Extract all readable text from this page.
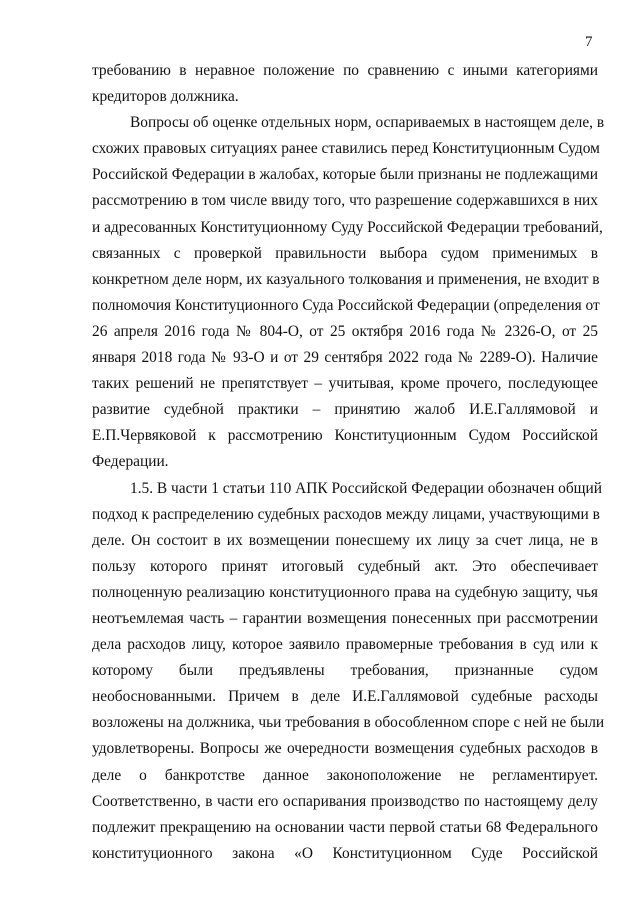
7
требованию в неравное положение по сравнению с иными категориями
кредиторов должника.
Вопросы об оценке отдельных норм, оспариваемых в настоящем деле, в
схожих правовых ситуациях ранее ставились перед Конституционным Судом
Российской Федерации в жалобах, которые были признаны не подлежащими
рассмотрению в том числе ввиду того, что разрешение содержавшихся в них
и адресованных Конституционному Суду Российской Федерации требований,
связанных с проверкой правильности выбора судом применимых в
конкретном деле норм, их казуального толкования и применения, не входит в
полномочия Конституционного Суда Российской Федерации (определения от
26 апреля 2016 года № 804-О, от 25 октября 2016 года № 2326-О, от 25
января 2018 года № 93-О и от 29 сентября 2022 года № 2289-О). Наличие
таких решений не препятствует – учитывая, кроме прочего, последующее
развитие судебной практики – принятию жалоб И.Е.Галлямовой и
Е.П.Червяковой к рассмотрению Конституционным Судом Российской
Федерации.
1.5. В части 1 статьи 110 АПК Российской Федерации обозначен общий
подход к распределению судебных расходов между лицами, участвующими в
деле. Он состоит в их возмещении понесшему их лицу за счет лица, не в
пользу которого принят итоговый судебный акт. Это обеспечивает
полноценную реализацию конституционного права на судебную защиту, чья
неотъемлемая часть – гарантии возмещения понесенных при рассмотрении
дела расходов лицу, которое заявило правомерные требования в суд или к
которому были предъявлены требования, признанные судом
необоснованными. Причем в деле И.Е.Галлямовой судебные расходы
возложены на должника, чьи требования в обособленном споре с ней не были
удовлетворены. Вопросы же очередности возмещения судебных расходов в
деле о банкротстве данное законоположение не регламентирует.
Соответственно, в части его оспаривания производство по настоящему делу
подлежит прекращению на основании части первой статьи 68 Федерального
конституционного закона «О Конституционном Суде Российской
